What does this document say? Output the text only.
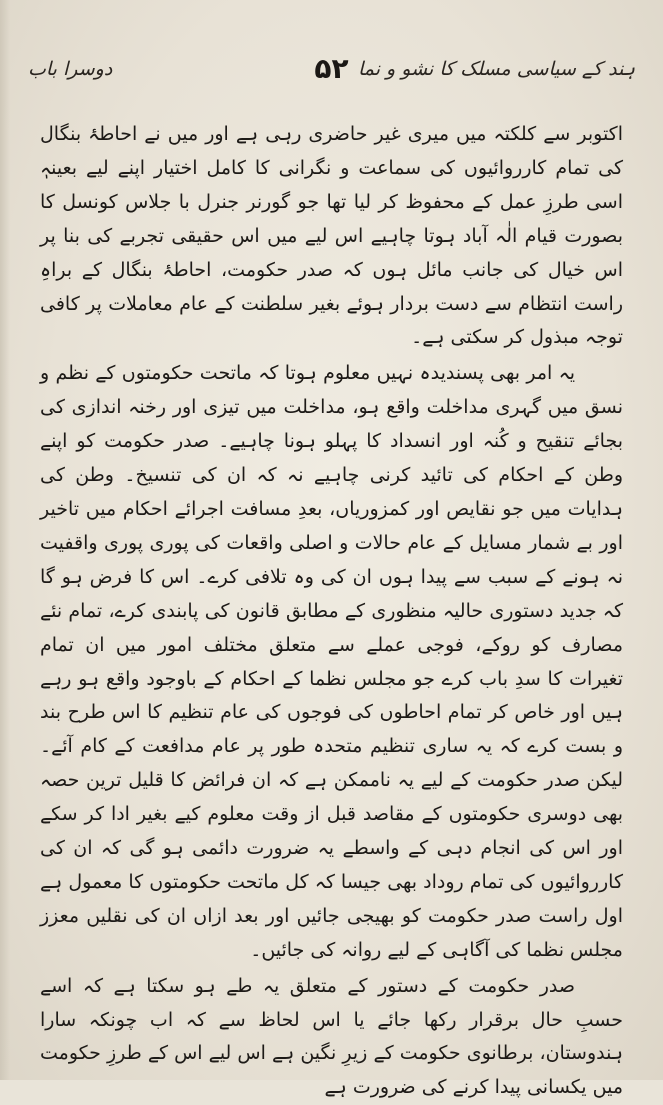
ہند کے سیاسی مسلک کا نشو و نما
۵۲
دوسرا باب

اکتوبر سے کلکتہ میں میری غیر حاضری رہی ہے اور میں نے احاطۂ بنگال کی تمام کارروائیوں کی سماعت و نگرانی کا کامل اختیار اپنے لیے بعینہٖ اسی طرزِ عمل کے محفوظ کر لیا تھا جو گورنر جنرل با جلاس کونسل کا بصورت قیام الٰہ آباد ہوتا چاہیے اس لیے میں اس حقیقی تجربے کی بنا پر اس خیال کی جانب مائل ہوں کہ صدر حکومت، احاطۂ بنگال کے براہِ راست انتظام سے دست بردار ہوئے بغیر سلطنت کے عام معاملات پر کافی توجہ مبذول کر سکتی ہے۔

یہ امر بھی پسندیدہ نہیں معلوم ہوتا کہ ماتحت حکومتوں کے نظم و نسق میں گہری مداخلت واقع ہو، مداخلت میں تیزی اور رخنہ اندازی کی بجائے تنقیح و کُنہ اور انسداد کا پہلو ہونا چاہیے۔ صدر حکومت کو اپنے وطن کے احکام کی تائید کرنی چاہیے نہ کہ ان کی تنسیخ۔ وطن کی ہدایات میں جو نقایص اور کمزوریاں، بعدِ مسافت اجرائے احکام میں تاخیر اور بے شمار مسایل کے عام حالات و اصلی واقعات کی پوری پوری واقفیت نہ ہونے کے سبب سے پیدا ہوں ان کی وہ تلافی کرے۔ اس کا فرض ہو گا کہ جدید دستوری حالیہ منظوری کے مطابق قانون کی پابندی کرے، تمام نئے مصارف کو روکے، فوجی عملے سے متعلق مختلف امور میں ان تمام تغیرات کا سدِ باب کرے جو مجلس نظما کے احکام کے باوجود واقع ہو رہے ہیں اور خاص کر تمام احاطوں کی فوجوں کی عام تنظیم کا اس طرح بند و بست کرے کہ یہ ساری تنظیم متحدہ طور پر عام مدافعت کے کام آئے۔ لیکن صدر حکومت کے لیے یہ ناممکن ہے کہ ان فرائض کا قلیل ترین حصہ بھی دوسری حکومتوں کے مقاصد قبل از وقت معلوم کیے بغیر ادا کر سکے اور اس کی انجام دہی کے واسطے یہ ضرورت دائمی ہو گی کہ ان کی کارروائیوں کی تمام روداد بھی جیسا کہ کل ماتحت حکومتوں کا معمول ہے اول راست صدر حکومت کو بھیجی جائیں اور بعد ازاں ان کی نقلیں معزز مجلس نظما کی آگاہی کے لیے روانہ کی جائیں۔

صدر حکومت کے دستور کے متعلق یہ طے ہو سکتا ہے کہ اسے حسبِ حال برقرار رکھا جائے یا اس لحاظ سے کہ اب چونکہ سارا ہندوستان، برطانوی حکومت کے زیرِ نگین ہے اس لیے اس کے طرزِ حکومت میں یکسانی پیدا کرنے کی ضرورت ہے
